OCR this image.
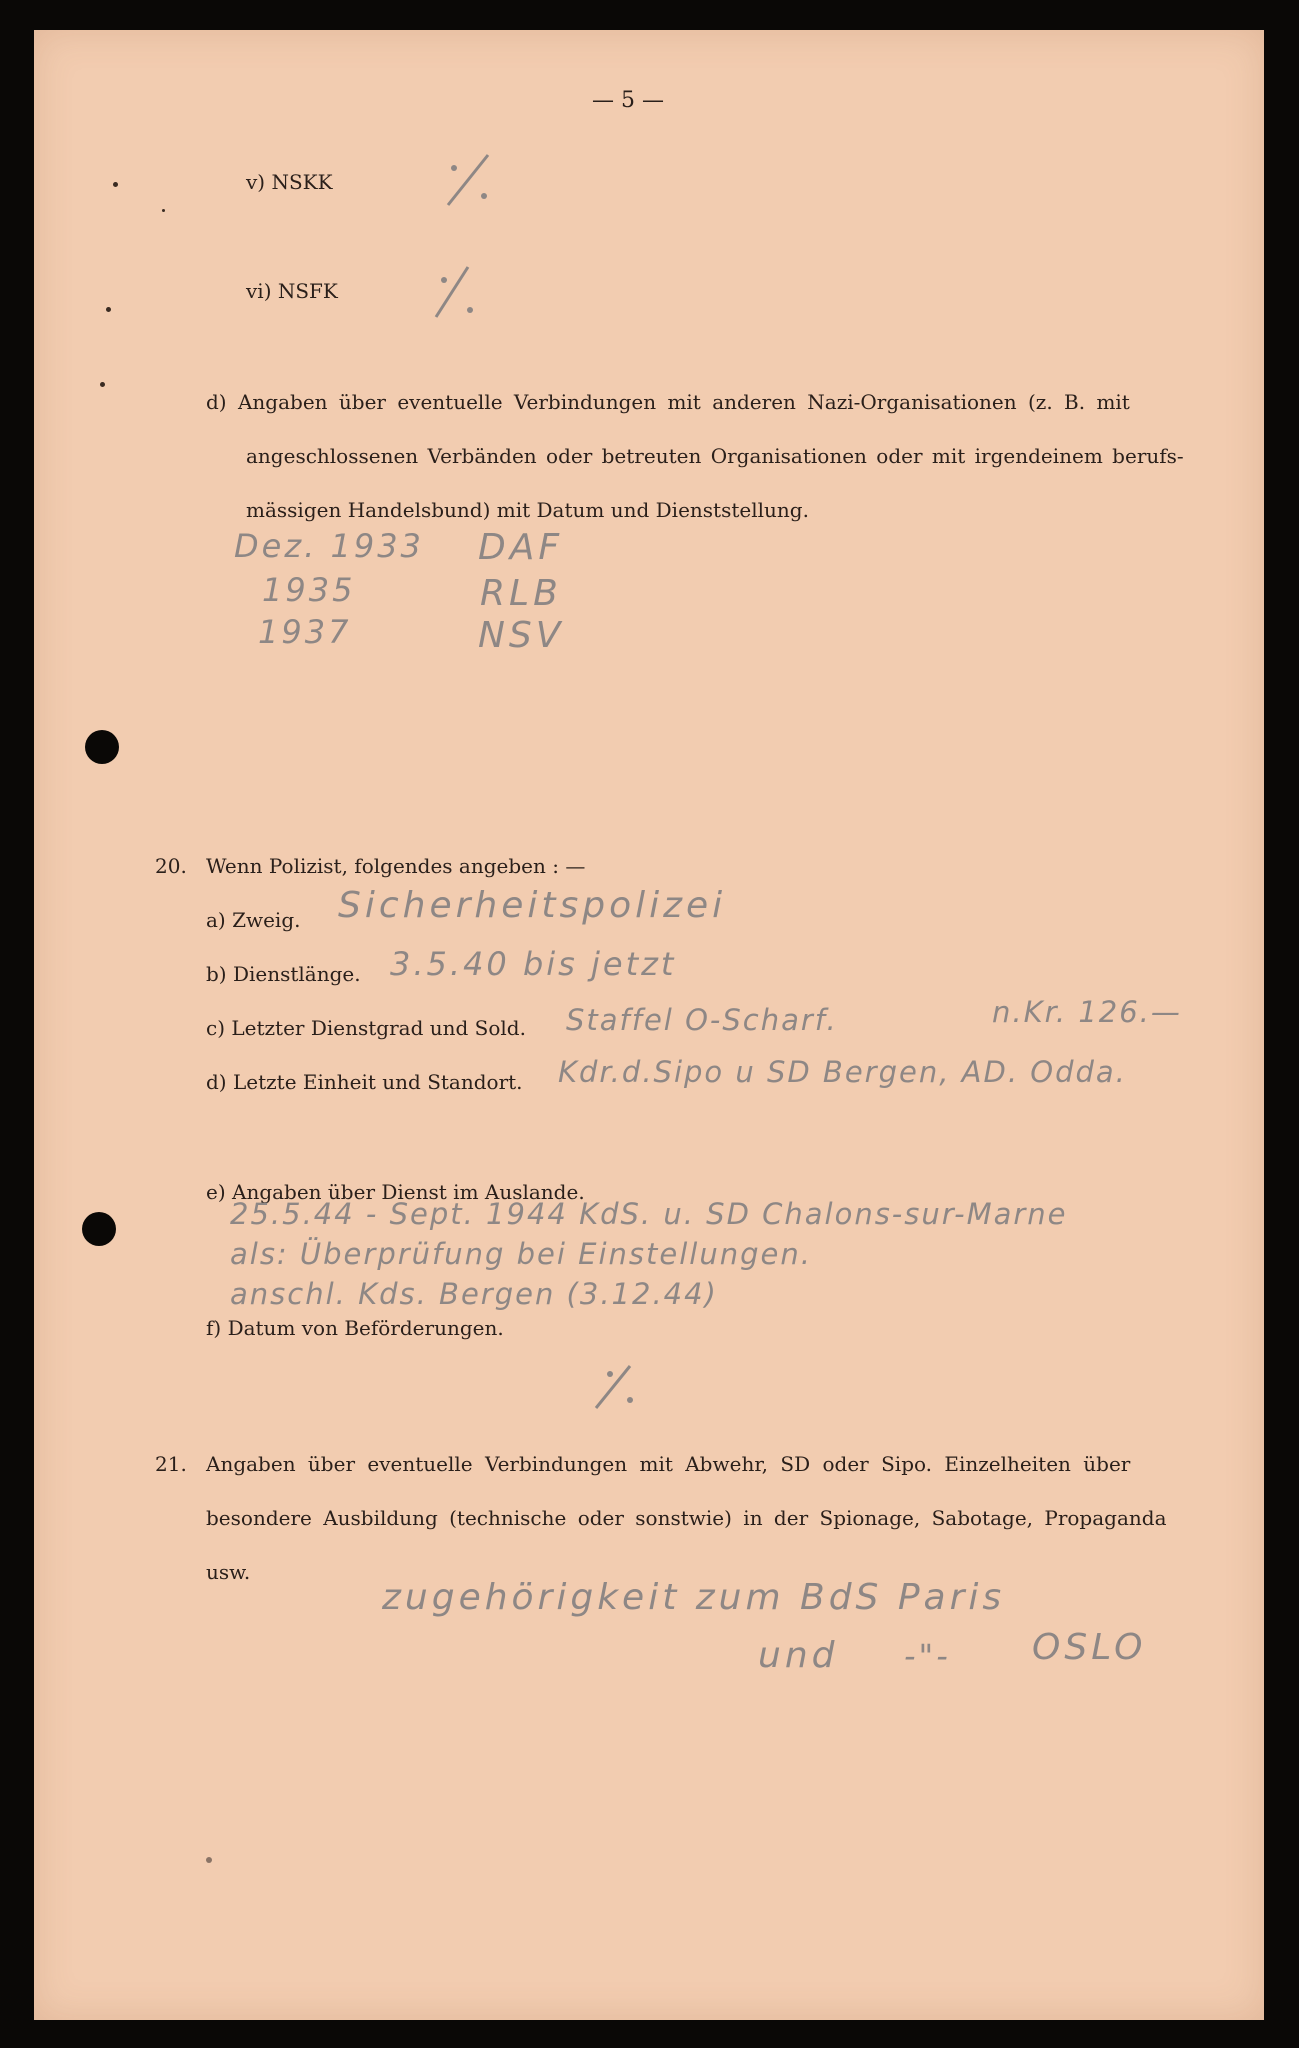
— 5 —
v) NSKK
vi) NSFK
d) Angaben über eventuelle Verbindungen mit anderen Nazi-Organisationen (z. B. mit
angeschlossenen Verbänden oder betreuten Organisationen oder mit irgendeinem berufs-
mässigen Handelsbund) mit Datum und Dienststellung.
Dez. 1933 DAF
1935	RLB
1937	NSV
20. Wenn Polizist, folgendes angeben : —
a) Zweig. Sicherheitspolizei
b) Dienstlänge. 3.5.40 bis jetzt
c) Letzter Dienstgrad und Sold. Staffel O-Scharf.	n.Kr. 126.—
d) Letzte Einheit und Standort. Kdr.d.Sipo u SD Bergen, AD. Odda.
e) Angaben über Dienst im Auslande.
25.5.44 - Sept. 1944 KdS. u. SD Chalons-sur-Marne
als: Überprüfung bei Einstellungen.
anschl. Kds. Bergen (3.12.44)
f) Datum von Beförderungen.
21. Angaben über eventuelle Verbindungen mit Abwehr, SD oder Sipo. Einzelheiten über
besondere Ausbildung (technische oder sonstwie) in der Spionage, Sabotage, Propaganda
usw.
zugehörigkeit zum BdS Paris
und -"- OSLO
